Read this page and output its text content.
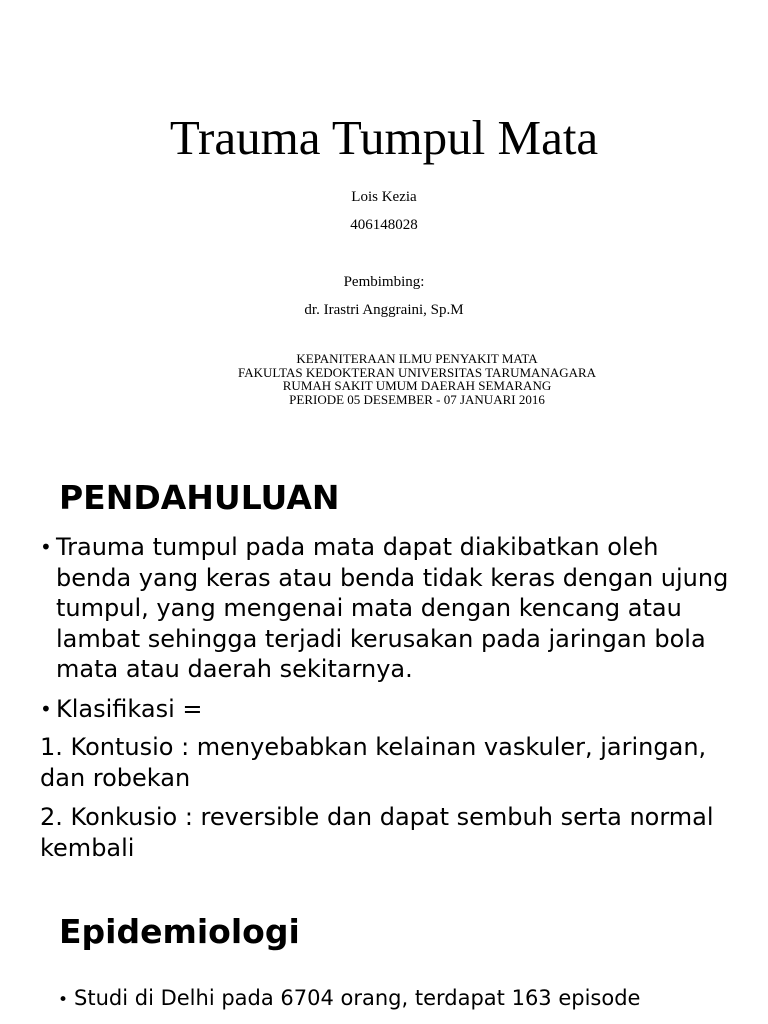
Trauma Tumpul Mata
Lois Kezia
406148028
Pembimbing:
dr. Irastri Anggraini, Sp.M
KEPANITERAAN ILMU PENYAKIT MATA
FAKULTAS KEDOKTERAN UNIVERSITAS TARUMANAGARA
RUMAH SAKIT UMUM DAERAH SEMARANG
PERIODE 05 DESEMBER - 07 JANUARI 2016
PENDAHULUAN
• Trauma tumpul pada mata dapat diakibatkan oleh benda yang keras atau benda tidak keras dengan ujung tumpul, yang mengenai mata dengan kencang atau lambat sehingga terjadi kerusakan pada jaringan bola mata atau daerah sekitarnya.
• Klasifikasi =
1. Kontusio : menyebabkan kelainan vaskuler, jaringan, dan robekan
2. Konkusio : reversible dan dapat sembuh serta normal kembali
Epidemiologi
• Studi di Delhi pada 6704 orang, terdapat 163 episode
